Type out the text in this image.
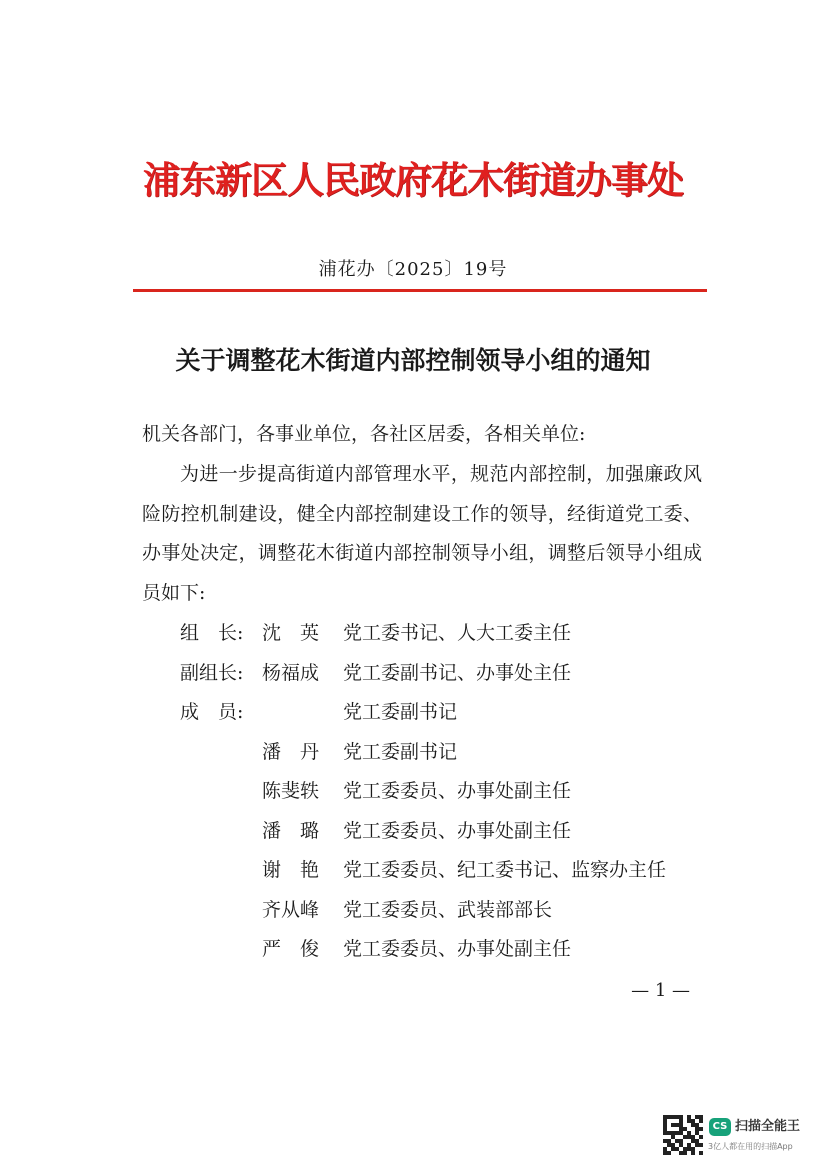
浦东新区人民政府花木街道办事处
浦花办〔2025〕19号
关于调整花木街道内部控制领导小组的通知
机关各部门，各事业单位，各社区居委，各相关单位:

为进一步提高街道内部管理水平，规范内部控制，加强廉政风险防控机制建设，健全内部控制建设工作的领导，经街道党工委、办事处决定，调整花木街道内部控制领导小组，调整后领导小组成员如下:

组　长: 沈　英	党工委书记、人大工委主任
副组长: 杨福成	党工委副书记、办事处主任
成　员:	党工委副书记
潘　丹	党工委副书记
陈斐轶	党工委委员、办事处副主任
潘　璐	党工委委员、办事处副主任
谢　艳	党工委委员、纪工委书记、监察办主任
齐从峰	党工委委员、武装部部长
严　俊	党工委委员、办事处副主任
— 1 —
CS 扫描全能王
3亿人都在用的扫描App
